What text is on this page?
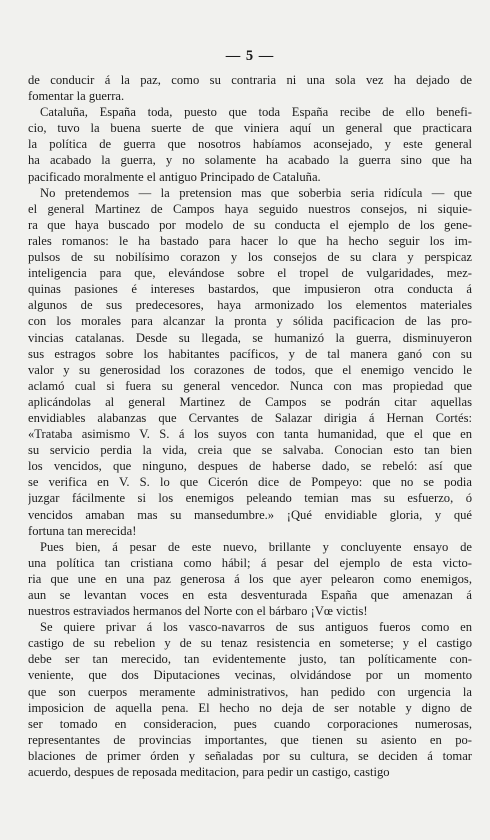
— 5 —
de conducir á la paz, como su contraria ni una sola vez ha dejado de
fomentar la guerra.
Cataluña, España toda, puesto que toda España recibe de ello benefi-
cio, tuvo la buena suerte de que viniera aquí un general que practicara
la política de guerra que nosotros habíamos aconsejado, y este general
ha acabado la guerra, y no solamente ha acabado la guerra sino que ha
pacificado moralmente el antiguo Principado de Cataluña.
No pretendemos — la pretension mas que soberbia seria ridícula — que
el general Martinez de Campos haya seguido nuestros consejos, ni siquie-
ra que haya buscado por modelo de su conducta el ejemplo de los gene-
rales romanos: le ha bastado para hacer lo que ha hecho seguir los im-
pulsos de su nobilísimo corazon y los consejos de su clara y perspicaz
inteligencia para que, elevándose sobre el tropel de vulgaridades, mez-
quinas pasiones é intereses bastardos, que impusieron otra conducta á
algunos de sus predecesores, haya armonizado los elementos materiales
con los morales para alcanzar la pronta y sólida pacificacion de las pro-
vincias catalanas. Desde su llegada, se humanizó la guerra, disminuyeron
sus estragos sobre los habitantes pacíficos, y de tal manera ganó con su
valor y su generosidad los corazones de todos, que el enemigo vencido le
aclamó cual si fuera su general vencedor. Nunca con mas propiedad que
aplicándolas al general Martinez de Campos se podrán citar aquellas
envidiables alabanzas que Cervantes de Salazar dirigia á Hernan Cortés:
«Trataba asimismo V. S. á los suyos con tanta humanidad, que el que en
su servicio perdia la vida, creia que se salvaba. Conocian esto tan bien
los vencidos, que ninguno, despues de haberse dado, se rebeló: así que
se verifica en V. S. lo que Cicerón dice de Pompeyo: que no se podia
juzgar fácilmente si los enemigos peleando temian mas su esfuerzo, ó
vencidos amaban mas su mansedumbre.» ¡Qué envidiable gloria, y qué
fortuna tan merecida!
Pues bien, á pesar de este nuevo, brillante y concluyente ensayo de
una política tan cristiana como hábil; á pesar del ejemplo de esta victo-
ria que une en una paz generosa á los que ayer pelearon como enemigos,
aun se levantan voces en esta desventurada España que amenazan á
nuestros estraviados hermanos del Norte con el bárbaro ¡Vœ victis!
Se quiere privar á los vasco-navarros de sus antiguos fueros como en
castigo de su rebelion y de su tenaz resistencia en someterse; y el castigo
debe ser tan merecido, tan evidentemente justo, tan políticamente con-
veniente, que dos Diputaciones vecinas, olvidándose por un momento
que son cuerpos meramente administrativos, han pedido con urgencia la
imposicion de aquella pena. El hecho no deja de ser notable y digno de
ser tomado en consideracion, pues cuando corporaciones numerosas,
representantes de provincias importantes, que tienen su asiento en po-
blaciones de primer órden y señaladas por su cultura, se deciden á tomar
acuerdo, despues de reposada meditacion, para pedir un castigo, castigo
